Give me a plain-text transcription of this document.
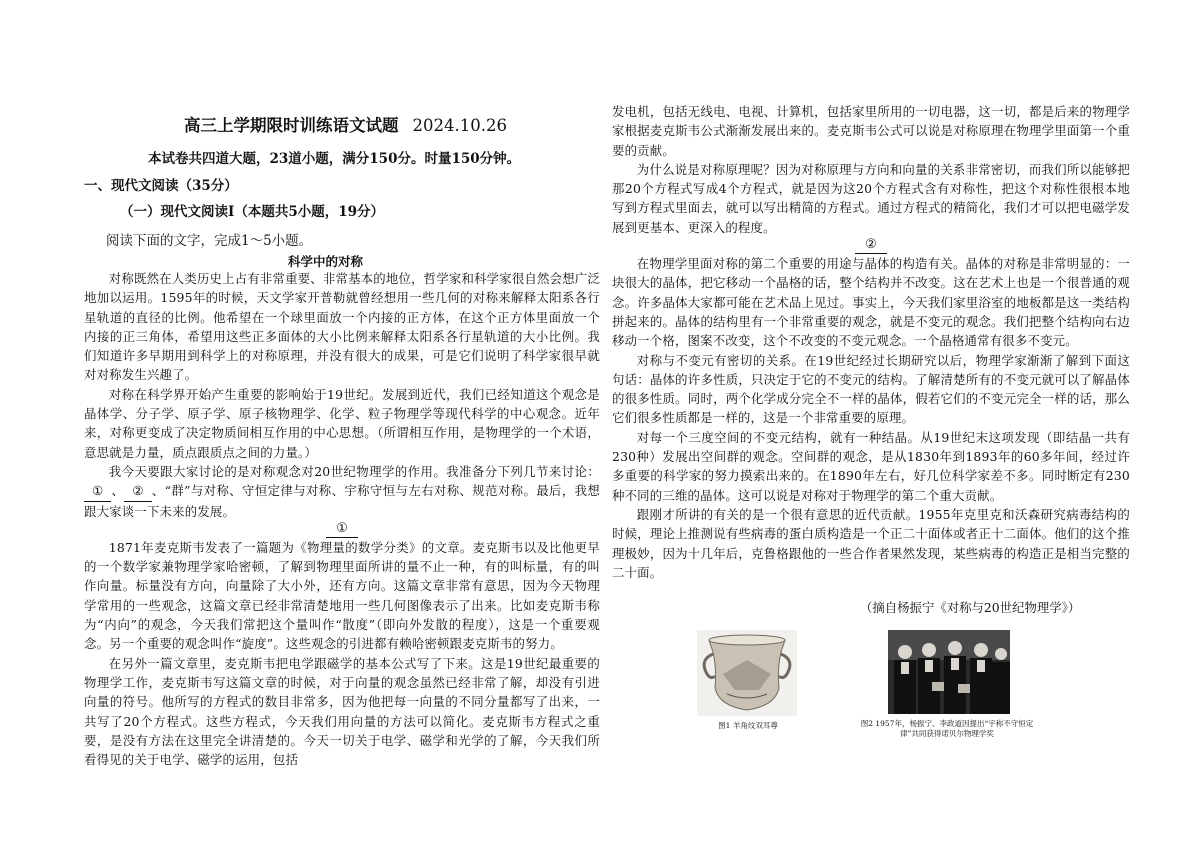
高三上学期限时训练语文试题 2024.10.26
本试卷共四道大题，23道小题，满分150分。时量150分钟。
一、现代文阅读（35分）
（一）现代文阅读Ⅰ（本题共5小题，19分）
阅读下面的文字，完成1～5小题。
科学中的对称

对称既然在人类历史上占有非常重要、非常基本的地位，哲学家和科学家很自然会想广泛地加以运用。1595年的时候，天文学家开普勒就曾经想用一些几何的对称来解释太阳系各行星轨道的直径的比例。他希望在一个球里面放一个内接的正方体，在这个正方体里面放一个内接的正三角体，希望用这些正多面体的大小比例来解释太阳系各行星轨道的大小比例。我们知道许多早期用到科学上的对称原理，并没有很大的成果，可是它们说明了科学家很早就对对称发生兴趣了。

对称在科学界开始产生重要的影响始于19世纪。发展到近代，我们已经知道这个观念是晶体学、分子学、原子学、原子核物理学、化学、粒子物理学等现代科学的中心观念。近年来，对称更变成了决定物质间相互作用的中心思想。（所谓相互作用，是物理学的一个术语，意思就是力量，质点跟质点之间的力量。）

我今天要跟大家讨论的是对称观念对20世纪物理学的作用。我准备分下列几节来讨论：① 、 ② 、“群”与对称、守恒定律与对称、宇称守恒与左右对称、规范对称。最后，我想跟大家谈一下未来的发展。

①

1871年麦克斯韦发表了一篇题为《物理量的数学分类》的文章。麦克斯韦以及比他更早的一个数学家兼物理学家哈密顿，了解到物理里面所讲的量不止一种，有的叫标量，有的叫作向量。标量没有方向，向量除了大小外，还有方向。这篇文章非常有意思，因为今天物理学常用的一些观念，这篇文章已经非常清楚地用一些几何图像表示了出来。比如麦克斯韦称为“内向”的观念，今天我们常把这个量叫作“散度”（即向外发散的程度），这是一个重要观念。另一个重要的观念叫作“旋度”。这些观念的引进都有赖哈密顿跟麦克斯韦的努力。

在另外一篇文章里，麦克斯韦把电学跟磁学的基本公式写了下来。这是19世纪最重要的物理学工作，麦克斯韦写这篇文章的时候，对于向量的观念虽然已经非常了解，却没有引进向量的符号。他所写的方程式的数目非常多，因为他把每一向量的不同分量都写了出来，一共写了20个方程式。这些方程式，今天我们用向量的方法可以简化。麦克斯韦方程式之重要，是没有方法在这里完全讲清楚的。今天一切关于电学、磁学和光学的了解，今天我们所看得见的关于电学、磁学的运用，包括

发电机，包括无线电、电视、计算机，包括家里所用的一切电器，这一切，都是后来的物理学家根据麦克斯韦公式渐渐发展出来的。麦克斯韦公式可以说是对称原理在物理学里面第一个重要的贡献。

为什么说是对称原理呢？因为对称原理与方向和向量的关系非常密切，而我们所以能够把那20个方程式写成4个方程式，就是因为这20个方程式含有对称性，把这个对称性很根本地写到方程式里面去，就可以写出精简的方程式。通过方程式的精简化，我们才可以把电磁学发展到更基本、更深入的程度。

②

在物理学里面对称的第二个重要的用途与晶体的构造有关。晶体的对称是非常明显的：一块很大的晶体，把它移动一个晶格的话，整个结构并不改变。这在艺术上也是一个很普通的观念。许多晶体大家都可能在艺术品上见过。事实上，今天我们家里浴室的地板都是这一类结构拼起来的。晶体的结构里有一个非常重要的观念，就是不变元的观念。我们把整个结构向右边移动一个格，图案不改变，这个不改变的不变元观念。一个晶格通常有很多不变元。

对称与不变元有密切的关系。在19世纪经过长期研究以后，物理学家渐渐了解到下面这句话：晶体的许多性质，只决定于它的不变元的结构。了解清楚所有的不变元就可以了解晶体的很多性质。同时，两个化学成分完全不一样的晶体，假若它们的不变元完全一样的话，那么它们很多性质都是一样的，这是一个非常重要的原理。

对每一个三度空间的不变元结构，就有一种结晶。从19世纪末这项发现（即结晶一共有230种）发展出空间群的观念。空间群的观念，是从1830年到1893年的60多年间，经过许多重要的科学家的努力摸索出来的。在1890年左右，好几位科学家差不多。同时断定有230种不同的三维的晶体。这可以说是对称对于物理学的第二个重大贡献。

跟刚才所讲的有关的是一个很有意思的近代贡献。1955年克里克和沃森研究病毒结构的时候，理论上推测说有些病毒的蛋白质构造是一个正二十面体或者正十二面体。他们的这个推理极妙，因为十几年后，克鲁格跟他的一些合作者果然发现，某些病毒的构造正是相当完整的二十面。

（摘自杨振宁《对称与20世纪物理学》）
图1 羊角纹双耳尊	图2 1957年，杨振宁、李政道因提出“宇称不守恒定律”共同获得诺贝尔物理学奖
